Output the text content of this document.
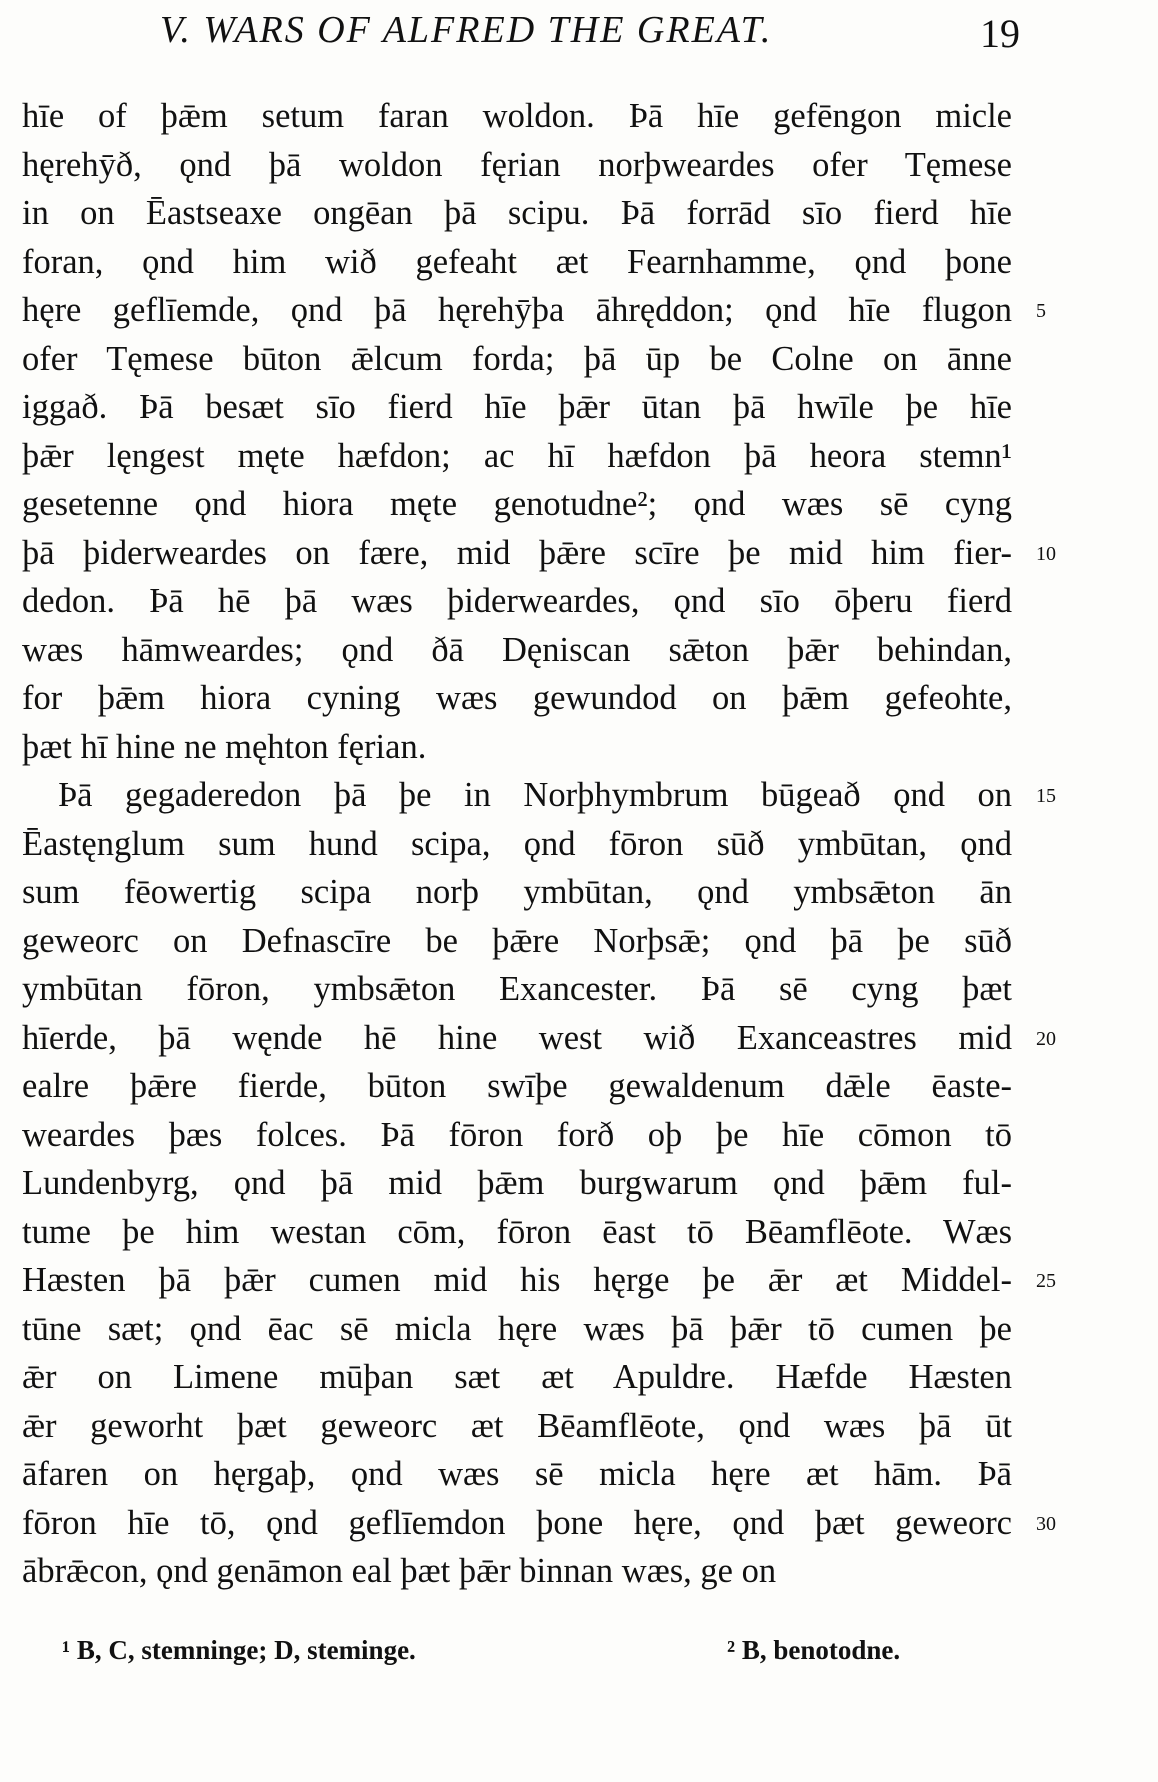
V. WARS OF ALFRED THE GREAT.	19
hīe of þǣm setum faran woldon. Þā hīe gefēngon micle
hęrehȳð, ǫnd þā woldon fęrian norþweardes ofer Tęmese
in on Ēastseaxe ongēan þā scipu. Þā forrād sīo fierd hīe
foran, ǫnd him wið gefeaht æt Fearnhamme, ǫnd þone
hęre geflīemde, ǫnd þā hęrehȳþa āhręddon; ǫnd hīe flugon
ofer Tęmese būton ǣlcum forda; þā ūp be Colne on ānne
iggað. Þā besæt sīo fierd hīe þǣr ūtan þā hwīle þe hīe
þǣr lęngest męte hæfdon; ac hī hæfdon þā heora stemn¹
gesetenne ǫnd hiora męte genotudne²; ǫnd wæs sē cyng
þā þiderweardes on fære, mid þǣre scīre þe mid him fier-
dedon. Þā hē þā wæs þiderweardes, ǫnd sīo ōþeru fierd
wæs hāmweardes; ǫnd ðā Dęniscan sǣton þǣr behindan,
for þǣm hiora cyning wæs gewundod on þǣm gefeohte,
þæt hī hine ne męhton fęrian.
Þā gegaderedon þā þe in Norþhymbrum būgeað ǫnd on
Ēastęnglum sum hund scipa, ǫnd fōron sūð ymbūtan, ǫnd
sum fēowertig scipa norþ ymbūtan, ǫnd ymbsǣton ān
geweorc on Defnascīre be þǣre Norþsǣ; ǫnd þā þe sūð
ymbūtan fōron, ymbsǣton Exancester. Þā sē cyng þæt
hīerde, þā węnde hē hine west wið Exanceastres mid
ealre þǣre fierde, būton swīþe gewaldenum dǣle ēaste-
weardes þæs folces. Þā fōron forð oþ þe hīe cōmon tō
Lundenbyrg, ǫnd þā mid þǣm burgwarum ǫnd þǣm ful-
tume þe him westan cōm, fōron ēast tō Bēamflēote. Wæs
Hæsten þā þǣr cumen mid his hęrge þe ǣr æt Middel-
tūne sæt; ǫnd ēac sē micla hęre wæs þā þǣr tō cumen þe
ǣr on Limene mūþan sæt æt Apuldre. Hæfde Hæsten
ǣr geworht þæt geweorc æt Bēamflēote, ǫnd wæs þā ūt
āfaren on hęrgaþ, ǫnd wæs sē micla hęre æt hām. Þā
fōron hīe tō, ǫnd geflīemdon þone hęre, ǫnd þæt geweorc
ābrǣcon, ǫnd genāmon eal þæt þǣr binnan wæs, ge on
5
10
15
20
25
30
¹ B, C, stemninge; D, steminge.	² B, benotodne.
